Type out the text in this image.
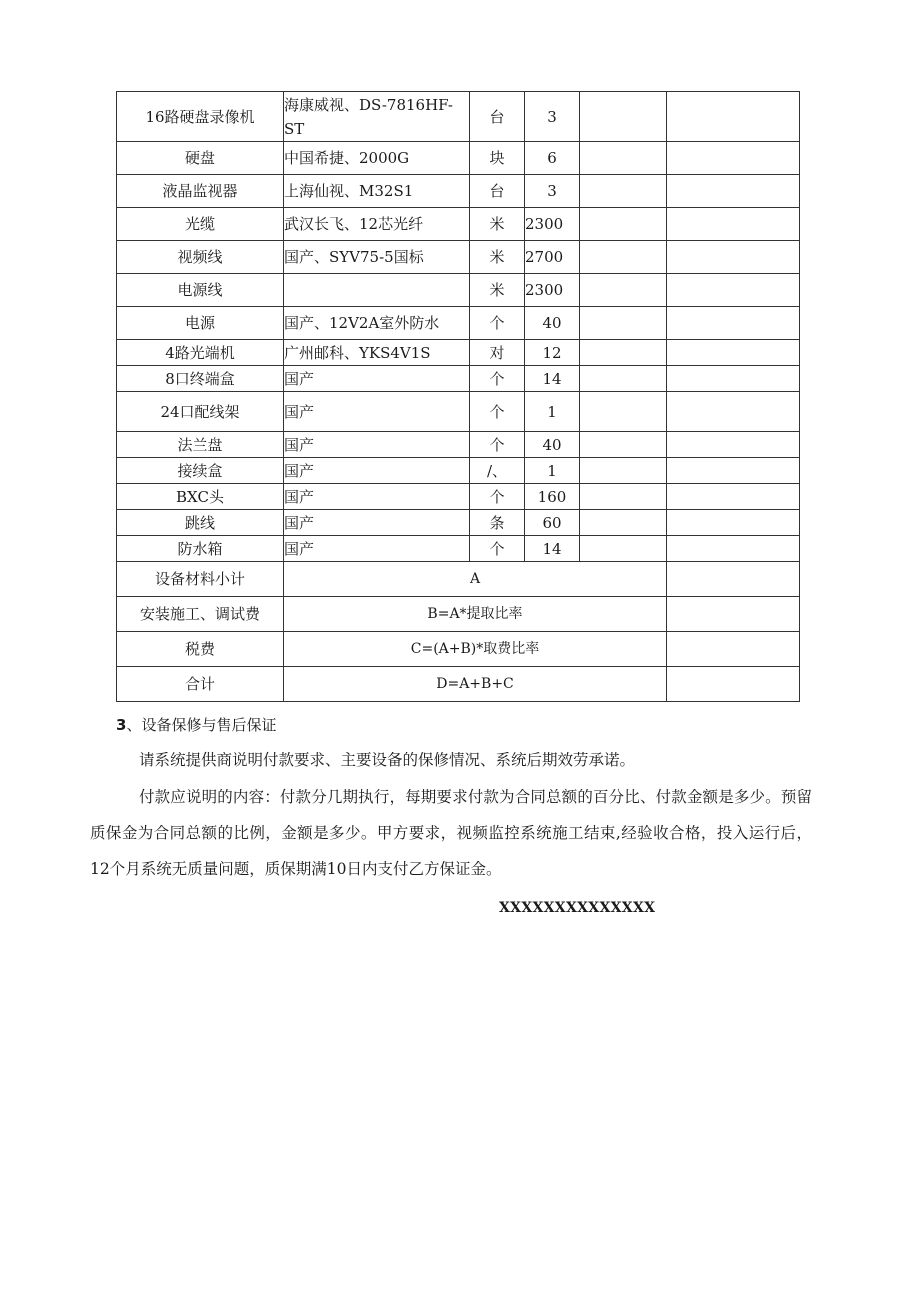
16路硬盘录像机	海康威视、DS-7816HF-ST	台	3		
硬盘	中国希捷、2000G	块	6		
液晶监视器	上海仙视、M32S1	台	3		
光缆	武汉长飞、12芯光纤	米	2300		
视频线	国产、SYV75-5国标	米	2700		
电源线		米	2300		
电源	国产、12V2A室外防水	个	40		
4路光端机	广州邮科、YKS4V1S	对	12		
8口终端盒	国产	个	14		
24口配线架	国产	个	1		
法兰盘	国产	个	40		
接续盒	国产	/、	1		
BXC头	国产	个	160		
跳线	国产	条	60		
防水箱	国产	个	14		
设备材料小计	A				
安装施工、调试费	B=A*提取比率				
税费	C=(A+B)*取费比率				
合计	D=A+B+C				
3、设备保修与售后保证
请系统提供商说明付款要求、主要设备的保修情况、系统后期效劳承诺。
付款应说明的内容：付款分几期执行，每期要求付款为合同总额的百分比、付款金额是多少。预留质保金为合同总额的比例，金额是多少。甲方要求，视频监控系统施工结束,经验收合格，投入运行后，12个月系统无质量问题，质保期满10日内支付乙方保证金。
XXXXXXXXXXXXXX
